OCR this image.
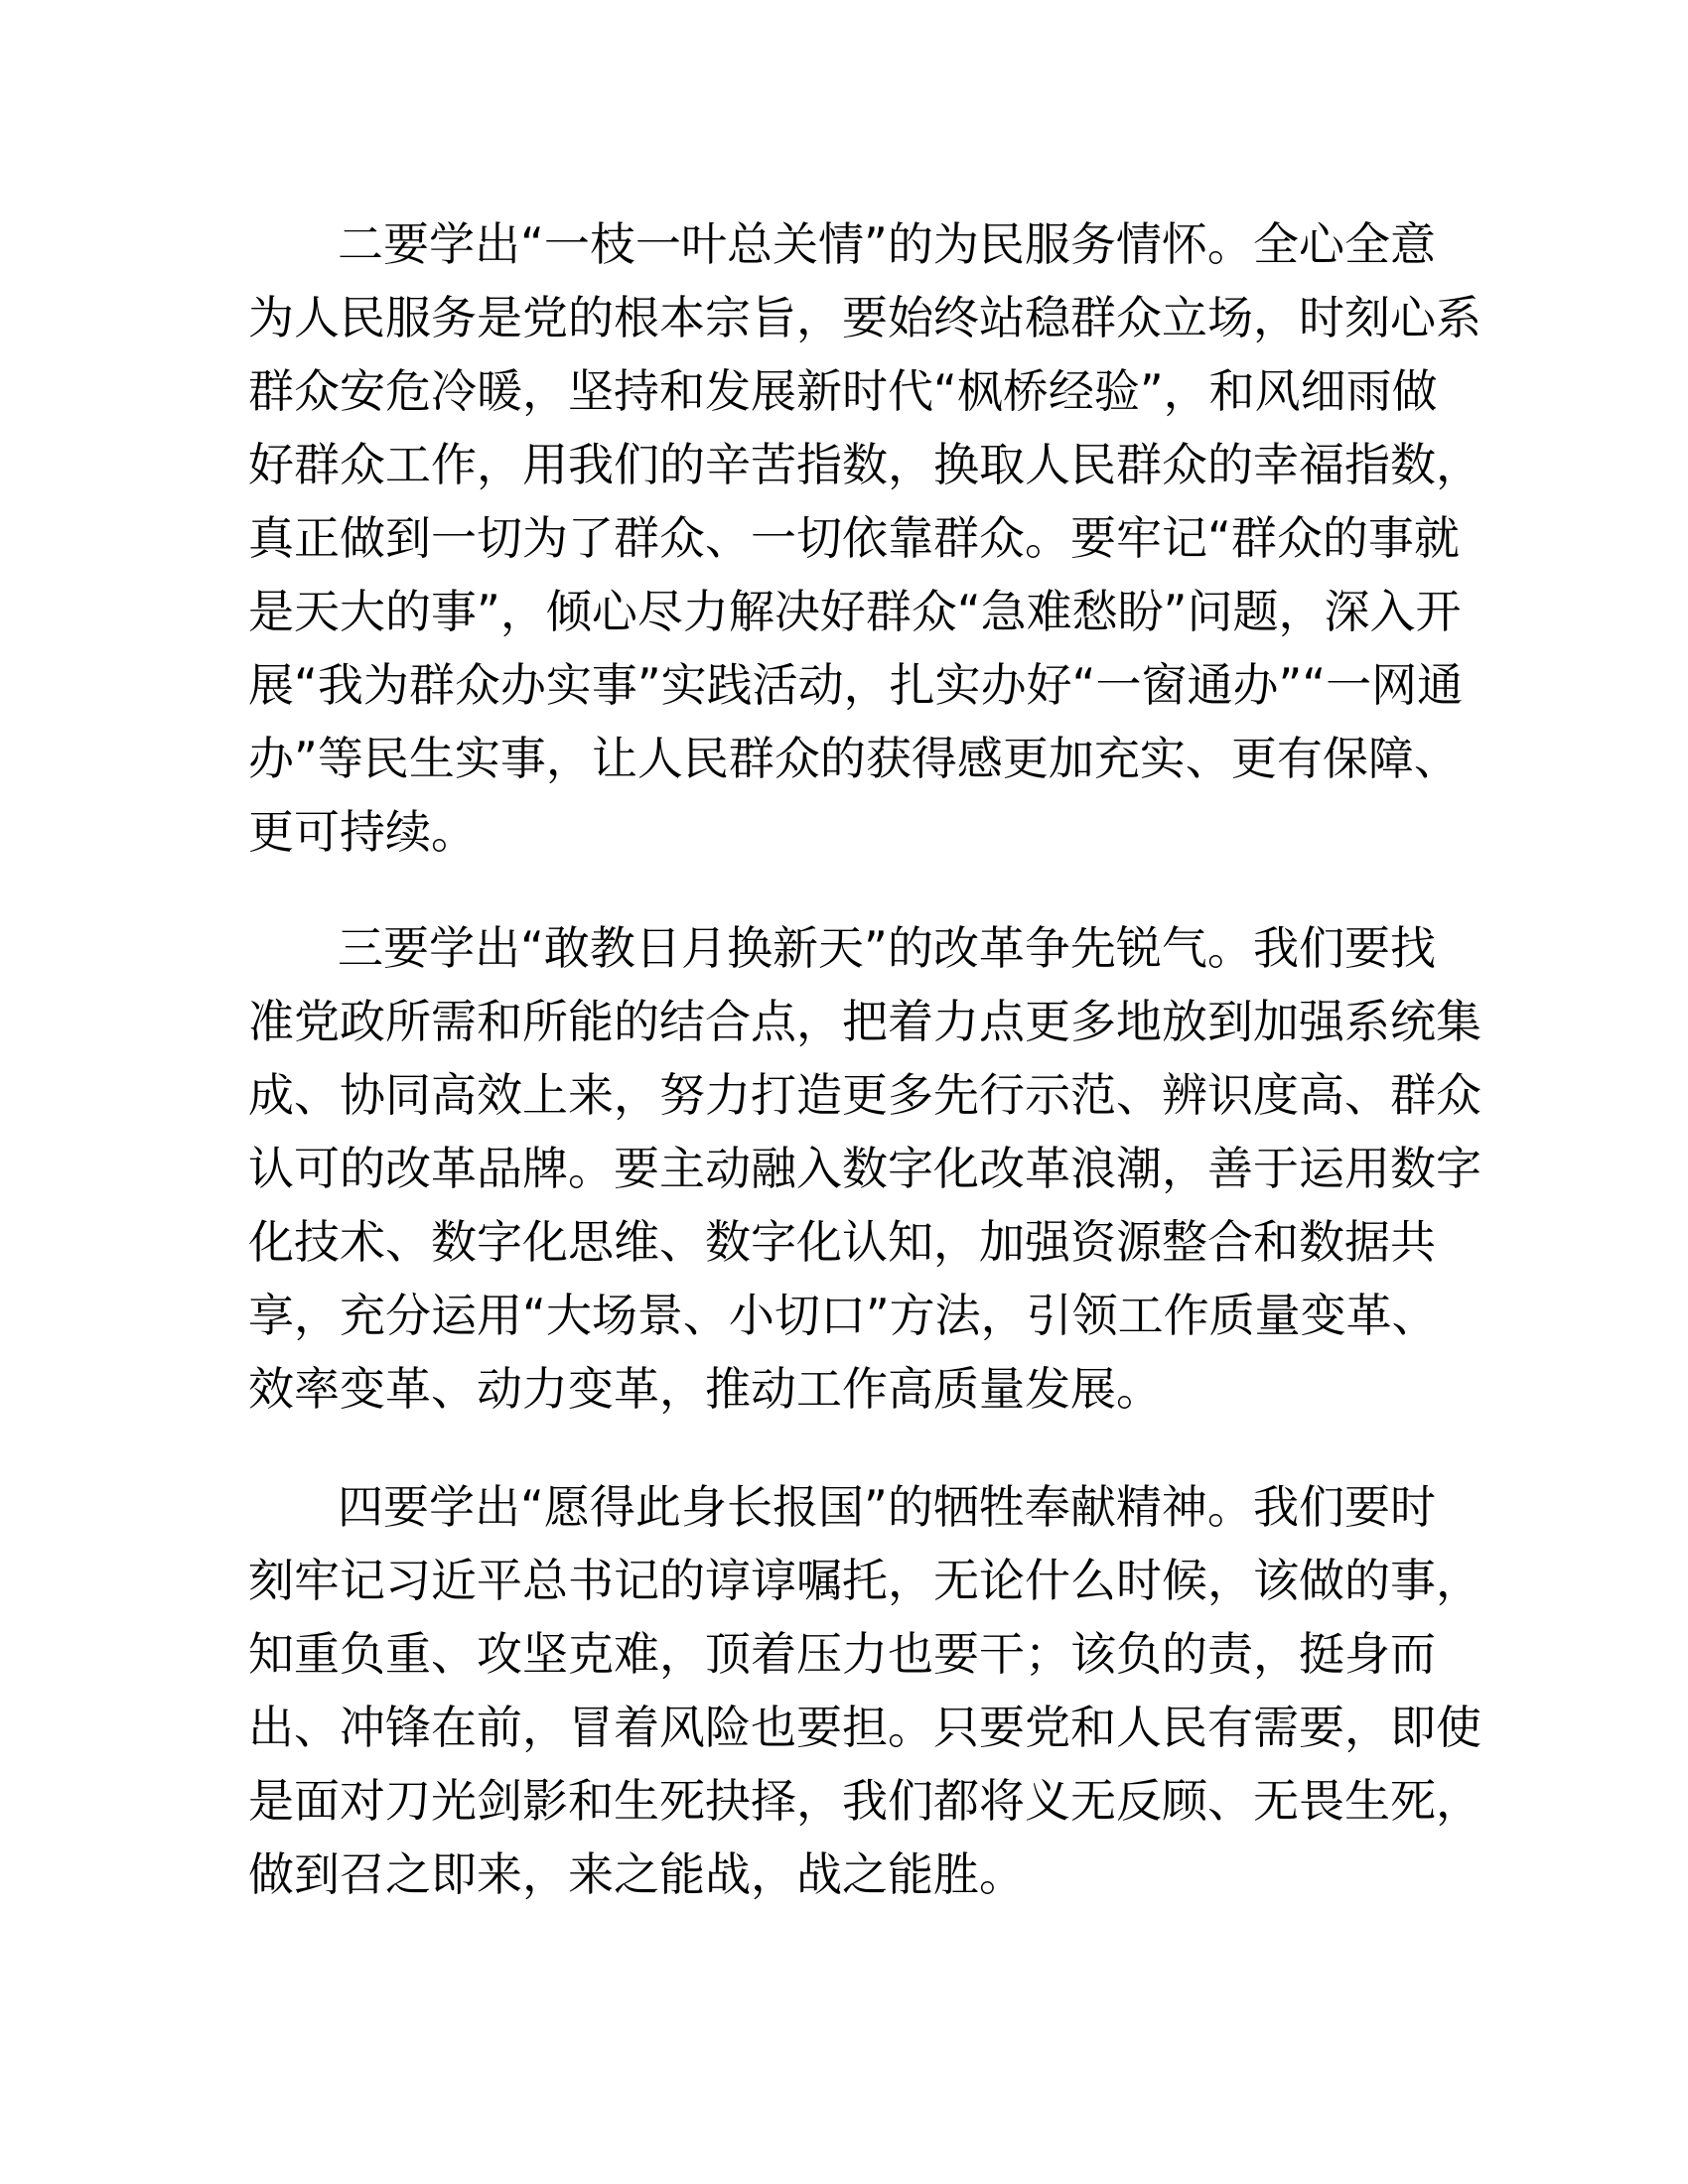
二要学出“一枝一叶总关情”的为民服务情怀。全心全意
为人民服务是党的根本宗旨，要始终站稳群众立场，时刻心系
群众安危冷暖，坚持和发展新时代“枫桥经验”，和风细雨做
好群众工作，用我们的辛苦指数，换取人民群众的幸福指数，
真正做到一切为了群众、一切依靠群众。要牢记“群众的事就
是天大的事”，倾心尽力解决好群众“急难愁盼”问题，深入开
展“我为群众办实事”实践活动，扎实办好“一窗通办”“一网通
办”等民生实事，让人民群众的获得感更加充实、更有保障、
更可持续。
三要学出“敢教日月换新天”的改革争先锐气。我们要找
准党政所需和所能的结合点，把着力点更多地放到加强系统集
成、协同高效上来，努力打造更多先行示范、辨识度高、群众
认可的改革品牌。要主动融入数字化改革浪潮，善于运用数字
化技术、数字化思维、数字化认知，加强资源整合和数据共
享，充分运用“大场景、小切口”方法，引领工作质量变革、
效率变革、动力变革，推动工作高质量发展。
四要学出“愿得此身长报国”的牺牲奉献精神。我们要时
刻牢记习近平总书记的谆谆嘱托，无论什么时候，该做的事，
知重负重、攻坚克难，顶着压力也要干；该负的责，挺身而
出、冲锋在前，冒着风险也要担。只要党和人民有需要，即使
是面对刀光剑影和生死抉择，我们都将义无反顾、无畏生死，
做到召之即来，来之能战，战之能胜。
